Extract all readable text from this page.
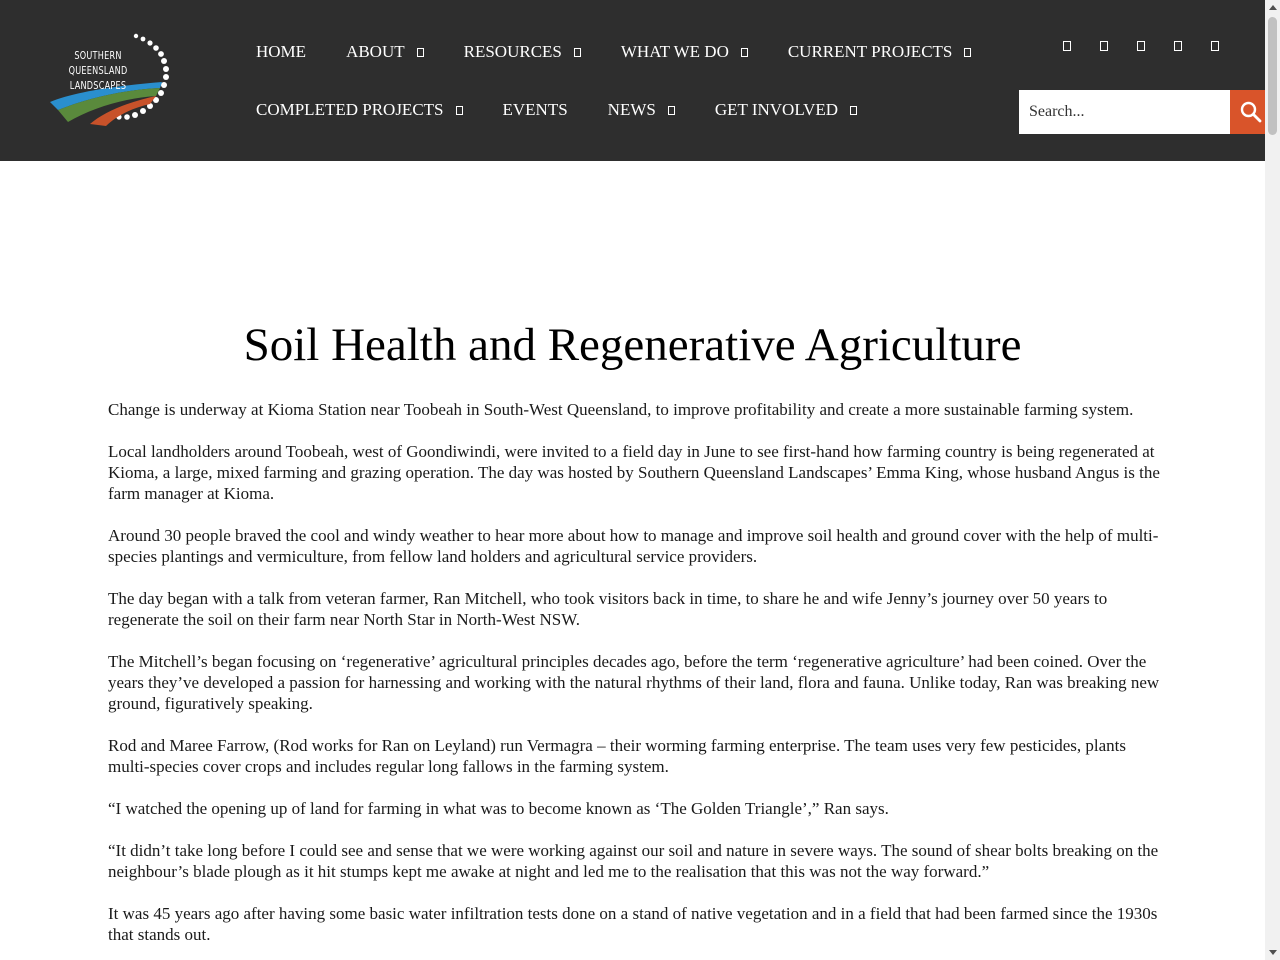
SOUTHERN QUEENSLAND
LANDSCAPES
HOME ABOUT	RESOURCES	WHAT WE DO	CURRENT PROJECTS
COMPLETED PROJECTS	EVENTS NEWS	GET INVOLVED
Search...
Soil Health and Regenerative Agriculture

Change is underway at Kioma Station near Toobeah in South-West Queensland, to improve profitability and create a more sustainable farming system.

Local landholders around Toobeah, west of Goondiwindi, were invited to a field day in June to see first-hand how farming country is being regenerated at Kioma, a large, mixed farming and grazing operation. The day was hosted by Southern Queensland Landscapes’ Emma King, whose husband Angus is the farm manager at Kioma.

Around 30 people braved the cool and windy weather to hear more about how to manage and improve soil health and ground cover with the help of multi-species plantings and vermiculture, from fellow land holders and agricultural service providers.

The day began with a talk from veteran farmer, Ran Mitchell, who took visitors back in time, to share he and wife Jenny’s journey over 50 years to regenerate the soil on their farm near North Star in North-West NSW.

The Mitchell’s began focusing on ‘regenerative’ agricultural principles decades ago, before the term ‘regenerative agriculture’ had been coined. Over the years they’ve developed a passion for harnessing and working with the natural rhythms of their land, flora and fauna. Unlike today, Ran was breaking new ground, figuratively speaking.

Rod and Maree Farrow, (Rod works for Ran on Leyland) run Vermagra – their worming farming enterprise. The team uses very few pesticides, plants multi-species cover crops and includes regular long fallows in the farming system.

“I watched the opening up of land for farming in what was to become known as ‘The Golden Triangle’,” Ran says.

“It didn’t take long before I could see and sense that we were working against our soil and nature in severe ways. The sound of shear bolts breaking on the neighbour’s blade plough as it hit stumps kept me awake at night and led me to the realisation that this was not the way forward.”

It was 45 years ago after having some basic water infiltration tests done on a stand of native vegetation and in a field that had been farmed since the 1930s that stands out.
